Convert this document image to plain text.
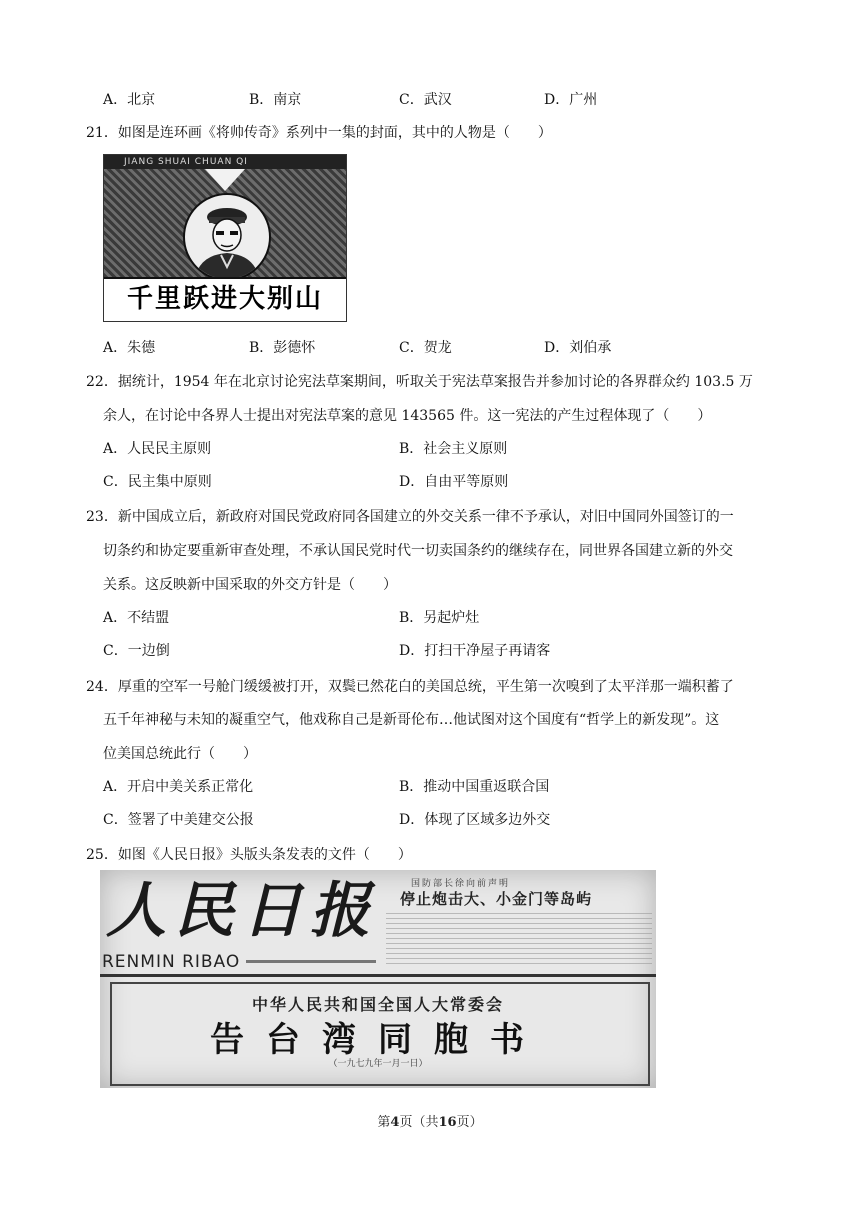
A．北京	B．南京	C．武汉	D．广州
21．如图是连环画《将帅传奇》系列中一集的封面，其中的人物是（　　）
JIANG SHUAI CHUAN QI
千里跃进大别山
A．朱德	B．彭德怀	C．贺龙	D．刘伯承
22．据统计，1954 年在北京讨论宪法草案期间，听取关于宪法草案报告并参加讨论的各界群众约 103.5 万
余人，在讨论中各界人士提出对宪法草案的意见 143565 件。这一宪法的产生过程体现了（　　）
A．人民民主原则	B．社会主义原则
C．民主集中原则	D．自由平等原则
23．新中国成立后，新政府对国民党政府同各国建立的外交关系一律不予承认，对旧中国同外国签订的一
切条约和协定要重新审查处理，不承认国民党时代一切卖国条约的继续存在，同世界各国建立新的外交
关系。这反映新中国采取的外交方针是（　　）
A．不结盟	B．另起炉灶
C．一边倒	D．打扫干净屋子再请客
24．厚重的空军一号舱门缓缓被打开，双鬓已然花白的美国总统，平生第一次嗅到了太平洋那一端积蓄了
五千年神秘与未知的凝重空气，他戏称自己是新哥伦布…他试图对这个国度有“哲学上的新发现”。这
位美国总统此行（　　）
A．开启中美关系正常化	B．推动中国重返联合国
C．签署了中美建交公报	D．体现了区域多边外交
25．如图《人民日报》头版头条发表的文件（　　）
人民日报
RENMIN RIBAO
国防部长徐向前声明
停止炮击大、小金门等岛屿
中华人民共和国全国人大常委会
告台湾同胞书
（一九七九年一月一日）
第4页（共16页）
